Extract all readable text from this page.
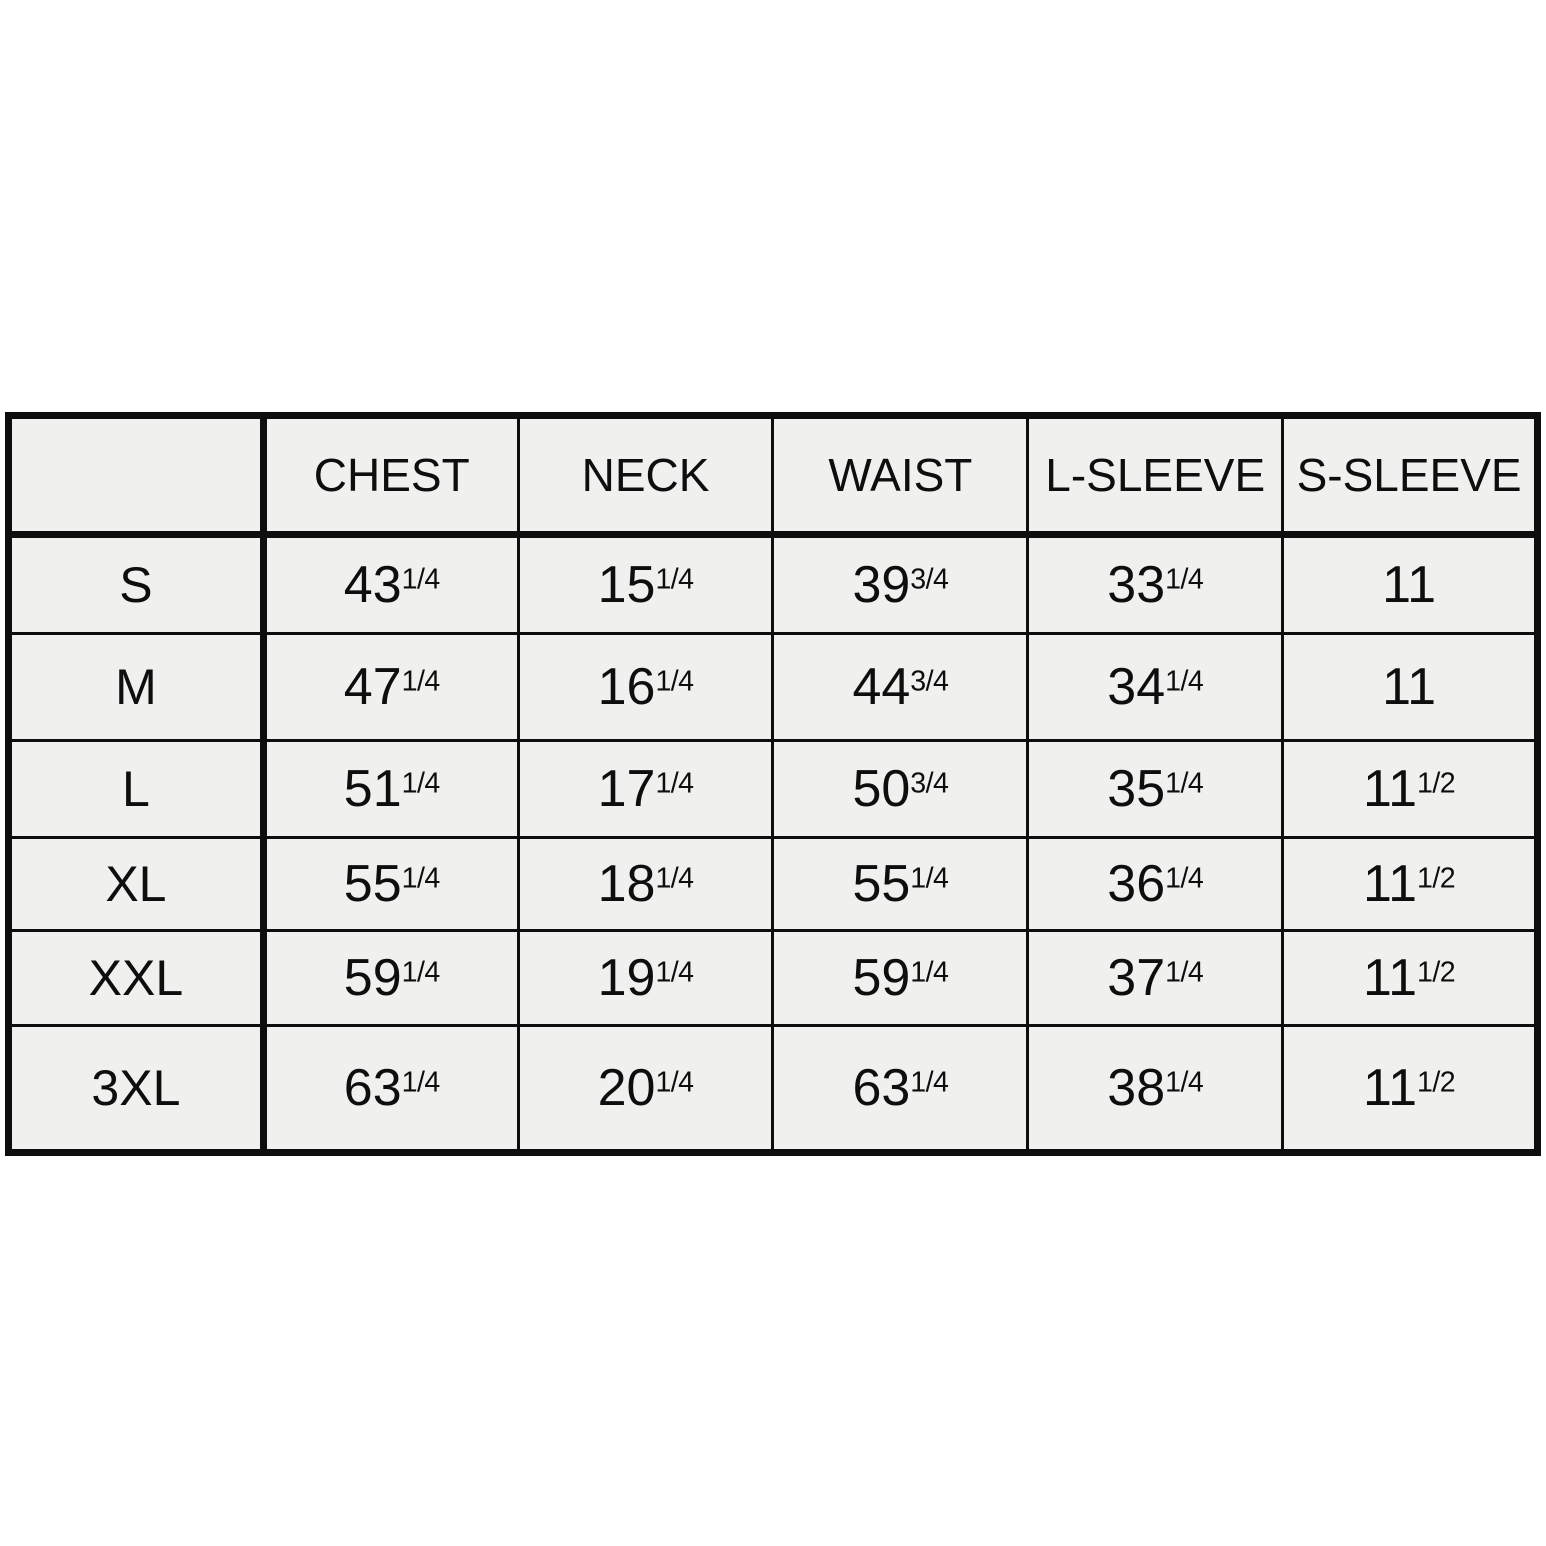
	CHEST	NECK	WAIST	L-SLEEVE	S-SLEEVE
S	$43^{1/4}$	$15^{1/4}$	$39^{3/4}$	$33^{1/4}$	11
M	$47^{1/4}$	$16^{1/4}$	$44^{3/4}$	$34^{1/4}$	11
L	$51^{1/4}$	$17^{1/4}$	$50^{3/4}$	$35^{1/4}$	$11^{1/2}$
XL	$55^{1/4}$	$18^{1/4}$	$55^{1/4}$	$36^{1/4}$	$11^{1/2}$
XXL	$59^{1/4}$	$19^{1/4}$	$59^{1/4}$	$37^{1/4}$	$11^{1/2}$
3XL	$63^{1/4}$	$20^{1/4}$	$63^{1/4}$	$38^{1/4}$	$11^{1/2}$
